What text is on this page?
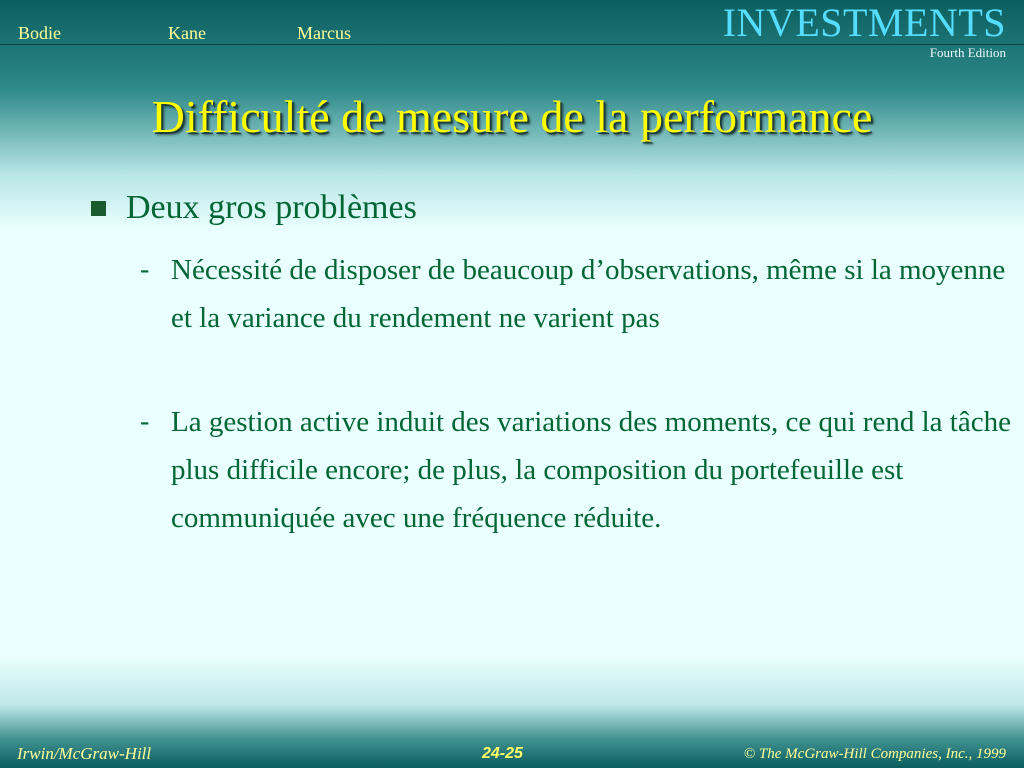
Bodie	Kane	Marcus	INVESTMENTS
Fourth Edition
Difficulté de mesure de la performance
Deux gros problèmes
- Nécessité de disposer de beaucoup d’observations, même si la moyenne et la variance du rendement ne varient pas
- La gestion active induit des variations des moments, ce qui rend la tâche plus difficile encore; de plus, la composition du portefeuille est communiquée avec une fréquence réduite.
Irwin/McGraw-Hill	24-25	© The McGraw-Hill Companies, Inc., 1999
